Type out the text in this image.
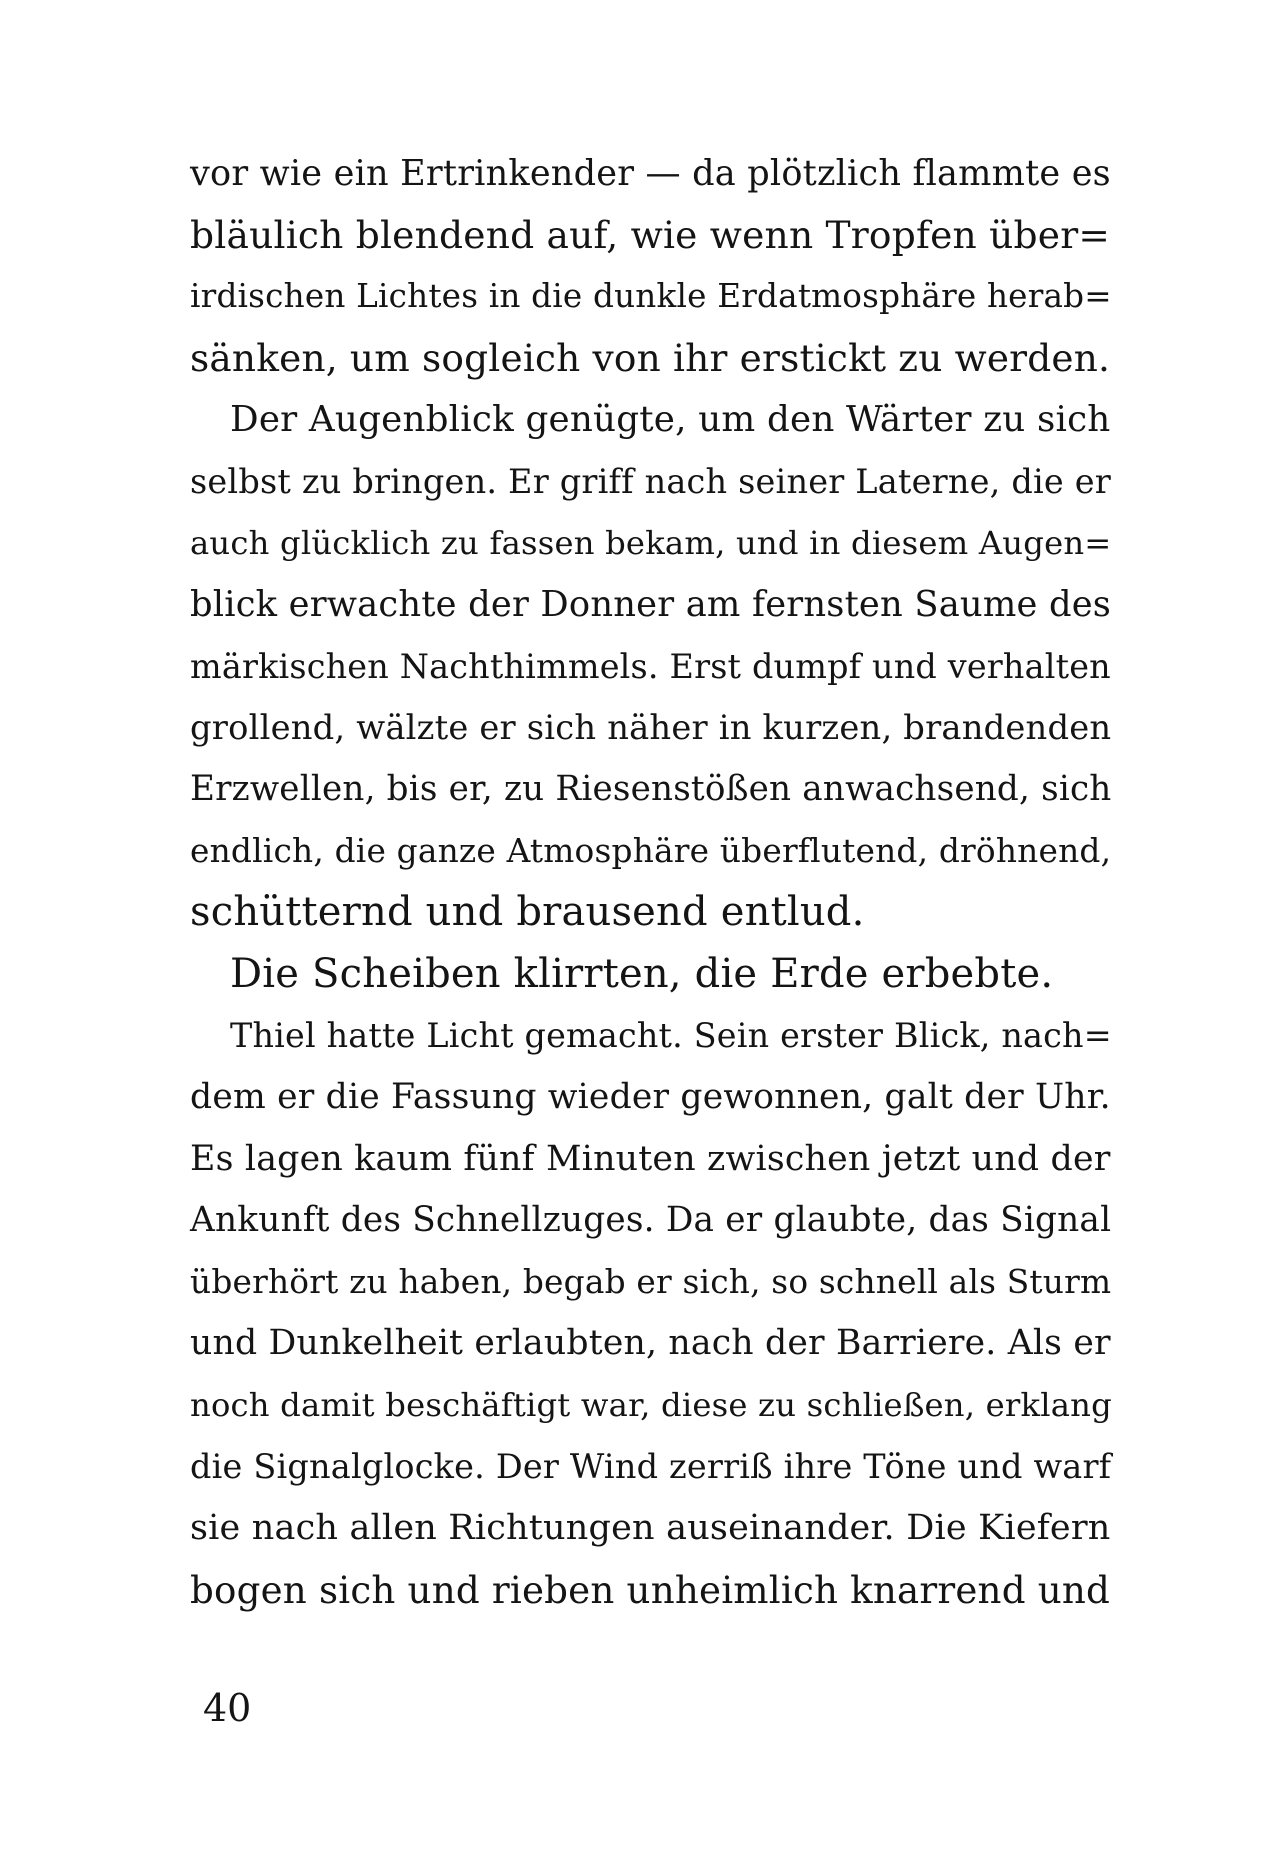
vor wie ein Ertrinkender — da plötzlich flammte es
bläulich blendend auf, wie wenn Tropfen über=
irdischen Lichtes in die dunkle Erdatmosphäre herab=
sänken, um sogleich von ihr erstickt zu werden.
Der Augenblick genügte, um den Wärter zu sich
selbst zu bringen. Er griff nach seiner Laterne, die er
auch glücklich zu fassen bekam, und in diesem Augen=
blick erwachte der Donner am fernsten Saume des
märkischen Nachthimmels. Erst dumpf und verhalten
grollend, wälzte er sich näher in kurzen, brandenden
Erzwellen, bis er, zu Riesenstößen anwachsend, sich
endlich, die ganze Atmosphäre überflutend, dröhnend,
schütternd und brausend entlud.
Die Scheiben klirrten, die Erde erbebte.
Thiel hatte Licht gemacht. Sein erster Blick, nach=
dem er die Fassung wieder gewonnen, galt der Uhr.
Es lagen kaum fünf Minuten zwischen jetzt und der
Ankunft des Schnellzuges. Da er glaubte, das Signal
überhört zu haben, begab er sich, so schnell als Sturm
und Dunkelheit erlaubten, nach der Barriere. Als er
noch damit beschäftigt war, diese zu schließen, erklang
die Signalglocke. Der Wind zerriß ihre Töne und warf
sie nach allen Richtungen auseinander. Die Kiefern
bogen sich und rieben unheimlich knarrend und
40
